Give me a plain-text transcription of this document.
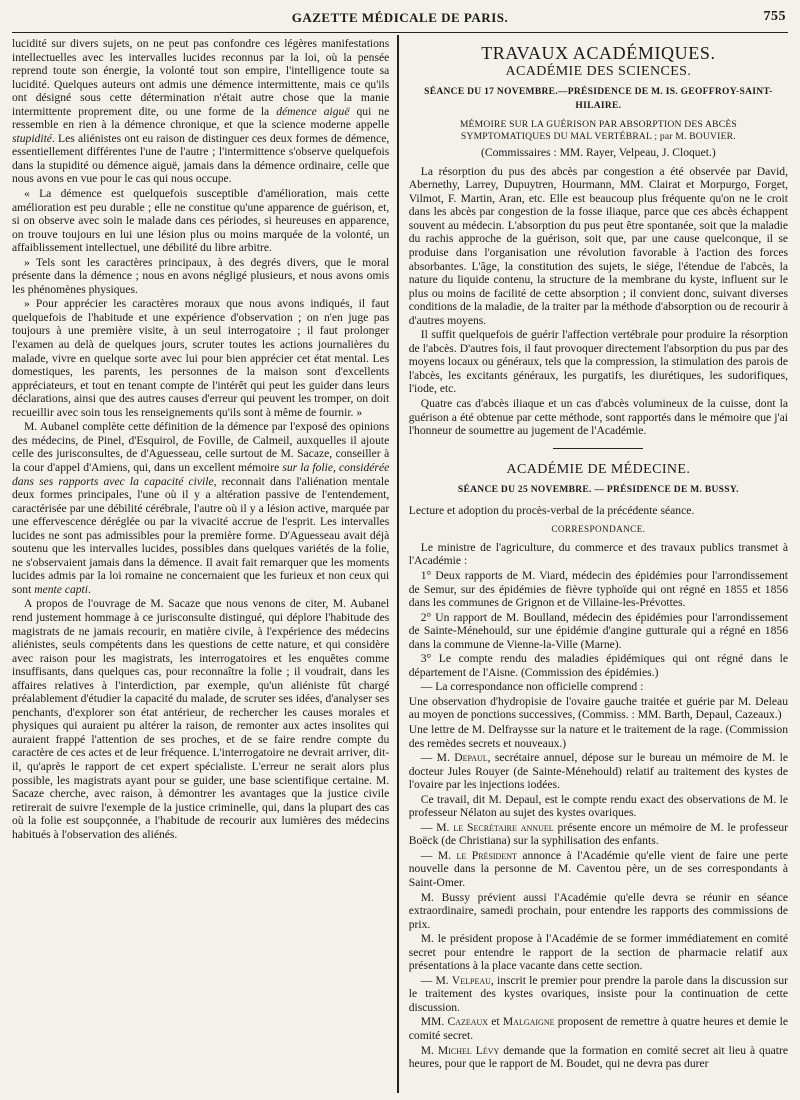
GAZETTE MÉDICALE DE PARIS.	755

lucidité sur divers sujets, on ne peut pas confondre ces légères manifestations intellectuelles avec les intervalles lucides reconnus par la loi, où la pensée reprend toute son énergie, la volonté tout son empire, l'intelligence toute sa lucidité. Quelques auteurs ont admis une démence intermittente, mais ce qu'ils ont désigné sous cette détermination n'était autre chose que la manie intermittente proprement dite, ou une forme de la démence aiguë qui ne ressemble en rien à la démence chronique, et que la science moderne appelle stupidité. Les aliénistes ont eu raison de distinguer ces deux formes de démence, essentiellement différentes l'une de l'autre ; l'intermittence s'observe quelquefois dans la stupidité ou démence aiguë, jamais dans la démence ordinaire, celle que nous avons en vue pour le cas qui nous occupe.

« La démence est quelquefois susceptible d'amélioration, mais cette amélioration est peu durable ; elle ne constitue qu'une apparence de guérison, et, si on observe avec soin le malade dans ces périodes, si heureuses en apparence, on trouve toujours en lui une lésion plus ou moins marquée de la volonté, un affaiblissement intellectuel, une débilité du libre arbitre.

» Tels sont les caractères principaux, à des degrés divers, que le moral présente dans la démence ; nous en avons négligé plusieurs, et nous avons omis les phénomènes physiques.

» Pour apprécier les caractères moraux que nous avons indiqués, il faut quelquefois de l'habitude et une expérience d'observation ; on n'en juge pas toujours à une première visite, à un seul interrogatoire ; il faut prolonger l'examen au delà de quelques jours, scruter toutes les actions journalières du malade, vivre en quelque sorte avec lui pour bien apprécier cet état mental. Les domestiques, les parents, les personnes de la maison sont d'excellents appréciateurs, et tout en tenant compte de l'intérêt qui peut les guider dans leurs déclarations, ainsi que des autres causes d'erreur qui peuvent les tromper, on doit recueillir avec soin tous les renseignements qu'ils sont à même de fournir. »

M. Aubanel complète cette définition de la démence par l'exposé des opinions des médecins, de Pinel, d'Esquirol, de Foville, de Calmeil, auxquelles il ajoute celle des jurisconsultes, de d'Aguesseau, celle surtout de M. Sacaze, conseiller à la cour d'appel d'Amiens, qui, dans un excellent mémoire sur la folie, considérée dans ses rapports avec la capacité civile, reconnait dans l'aliénation mentale deux formes principales, l'une où il y a altération passive de l'entendement, caractérisée par une débilité cérébrale, l'autre où il y a lésion active, marquée par une effervescence déréglée ou par la vivacité accrue de l'esprit. Les intervalles lucides ne sont pas admissibles pour la première forme. D'Aguesseau avait déjà soutenu que les intervalles lucides, possibles dans quelques variétés de la folie, ne s'observaient jamais dans la démence. Il avait fait remarquer que les moments lucides admis par la loi romaine ne concernaient que les furieux et non ceux qui sont mente capti.

A propos de l'ouvrage de M. Sacaze que nous venons de citer, M. Aubanel rend justement hommage à ce jurisconsulte distingué, qui déplore l'habitude des magistrats de ne jamais recourir, en matière civile, à l'expérience des médecins aliénistes, seuls compétents dans les questions de cette nature, et qui considère avec raison pour les magistrats, les interrogatoires et les enquêtes comme insuffisants, dans quelques cas, pour reconnaître la folie ; il voudrait, dans les affaires relatives à l'interdiction, par exemple, qu'un aliéniste fût chargé préalablement d'étudier la capacité du malade, de scruter ses idées, d'analyser ses penchants, d'explorer son état antérieur, de rechercher les causes morales et physiques qui auraient pu altérer la raison, de remonter aux actes insolites qui auraient frappé l'attention de ses proches, et de se faire rendre compte du caractère de ces actes et de leur fréquence. L'interrogatoire ne devrait arriver, dit-il, qu'après le rapport de cet expert spécialiste. L'erreur ne serait alors plus possible, les magistrats ayant pour se guider, une base scientifique certaine. M. Sacaze cherche, avec raison, à démontrer les avantages que la justice civile retirerait de suivre l'exemple de la justice criminelle, qui, dans la plupart des cas où la folie est soupçonnée, a l'habitude de recourir aux lumières des médecins habitués à l'observation des aliénés.

TRAVAUX ACADÉMIQUES.
ACADÉMIE DES SCIENCES.
SÉANCE DU 17 NOVEMBRE.—PRÉSIDENCE DE M. IS. GEOFFROY-SAINT-HILAIRE.
MÉMOIRE SUR LA GUÉRISON PAR ABSORPTION DES ABCÈS SYMPTOMATIQUES DU MAL VERTÉBRAL ; par M. BOUVIER.
(Commissaires : MM. Rayer, Velpeau, J. Cloquet.)

La résorption du pus des abcès par congestion a été observée par David, Abernethy, Larrey, Dupuytren, Hourmann, MM. Clairat et Morpurgo, Forget, Vilmot, F. Martin, Aran, etc. Elle est beaucoup plus fréquente qu'on ne le croit dans les abcès par congestion de la fosse iliaque, parce que ces abcès échappent souvent au médecin. L'absorption du pus peut être spontanée, soit que la maladie du rachis approche de la guérison, soit que, par une cause quelconque, il se produise dans l'organisation une révolution favorable à l'action des forces absorbantes. L'âge, la constitution des sujets, le siége, l'étendue de l'abcès, la nature du liquide contenu, la structure de la membrane du kyste, influent sur le plus ou moins de facilité de cette absorption ; il convient donc, suivant diverses conditions de la maladie, de la traiter par la méthode d'absorption ou de recourir à d'autres moyens.

Il suffit quelquefois de guérir l'affection vertébrale pour produire la résorption de l'abcès. D'autres fois, il faut provoquer directement l'absorption du pus par des moyens locaux ou généraux, tels que la compression, la stimulation des parois de l'abcès, les excitants généraux, les purgatifs, les diurétiques, les sudorifiques, l'iode, etc.

Quatre cas d'abcès iliaque et un cas d'abcès volumineux de la cuisse, dont la guérison a été obtenue par cette méthode, sont rapportés dans le mémoire que j'ai l'honneur de soumettre au jugement de l'Académie.

ACADÉMIE DE MÉDECINE.
SÉANCE DU 25 NOVEMBRE. — PRÉSIDENCE DE M. BUSSY.

Lecture et adoption du procès-verbal de la précédente séance.

CORRESPONDANCE.

Le ministre de l'agriculture, du commerce et des travaux publics transmet à l'Académie :

1° Deux rapports de M. Viard, médecin des épidémies pour l'arrondissement de Semur, sur des épidémies de fièvre typhoïde qui ont régné en 1855 et 1856 dans les communes de Grignon et de Villaine-les-Prévottes.

2° Un rapport de M. Boulland, médecin des épidémies pour l'arrondissement de Sainte-Ménehould, sur une épidémie d'angine gutturale qui a régné en 1856 dans la commune de Vienne-la-Ville (Marne).

3° Le compte rendu des maladies épidémiques qui ont régné dans le département de l'Aisne. (Commission des épidémies.)

— La correspondance non officielle comprend :

Une observation d'hydropisie de l'ovaire gauche traitée et guérie par M. Deleau au moyen de ponctions successives, (Commiss. : MM. Barth, Depaul, Cazeaux.)

Une lettre de M. Delfraysse sur la nature et le traitement de la rage. (Commission des remèdes secrets et nouveaux.)

— M. Depaul, secrétaire annuel, dépose sur le bureau un mémoire de M. le docteur Jules Rouyer (de Sainte-Ménehould) relatif au traitement des kystes de l'ovaire par les injections iodées.

Ce travail, dit M. Depaul, est le compte rendu exact des observations de M. le professeur Nélaton au sujet des kystes ovariques.

— M. le Secrétaire annuel présente encore un mémoire de M. le professeur Boëck (de Christiana) sur la syphilisation des enfants.

— M. le Président annonce à l'Académie qu'elle vient de faire une perte nouvelle dans la personne de M. Caventou père, un de ses correspondants à Saint-Omer.

M. Bussy prévient aussi l'Académie qu'elle devra se réunir en séance extraordinaire, samedi prochain, pour entendre les rapports des commissions de prix.

M. le président propose à l'Académie de se former immédiatement en comité secret pour entendre le rapport de la section de pharmacie relatif aux présentations à la place vacante dans cette section.

— M. Velpeau, inscrit le premier pour prendre la parole dans la discussion sur le traitement des kystes ovariques, insiste pour la continuation de cette discussion.

MM. Cazeaux et Malgaigne proposent de remettre à quatre heures et demie le comité secret.

M. Michel Lévy demande que la formation en comité secret ait lieu à quatre heures, pour que le rapport de M. Boudet, qui ne devra pas durer
